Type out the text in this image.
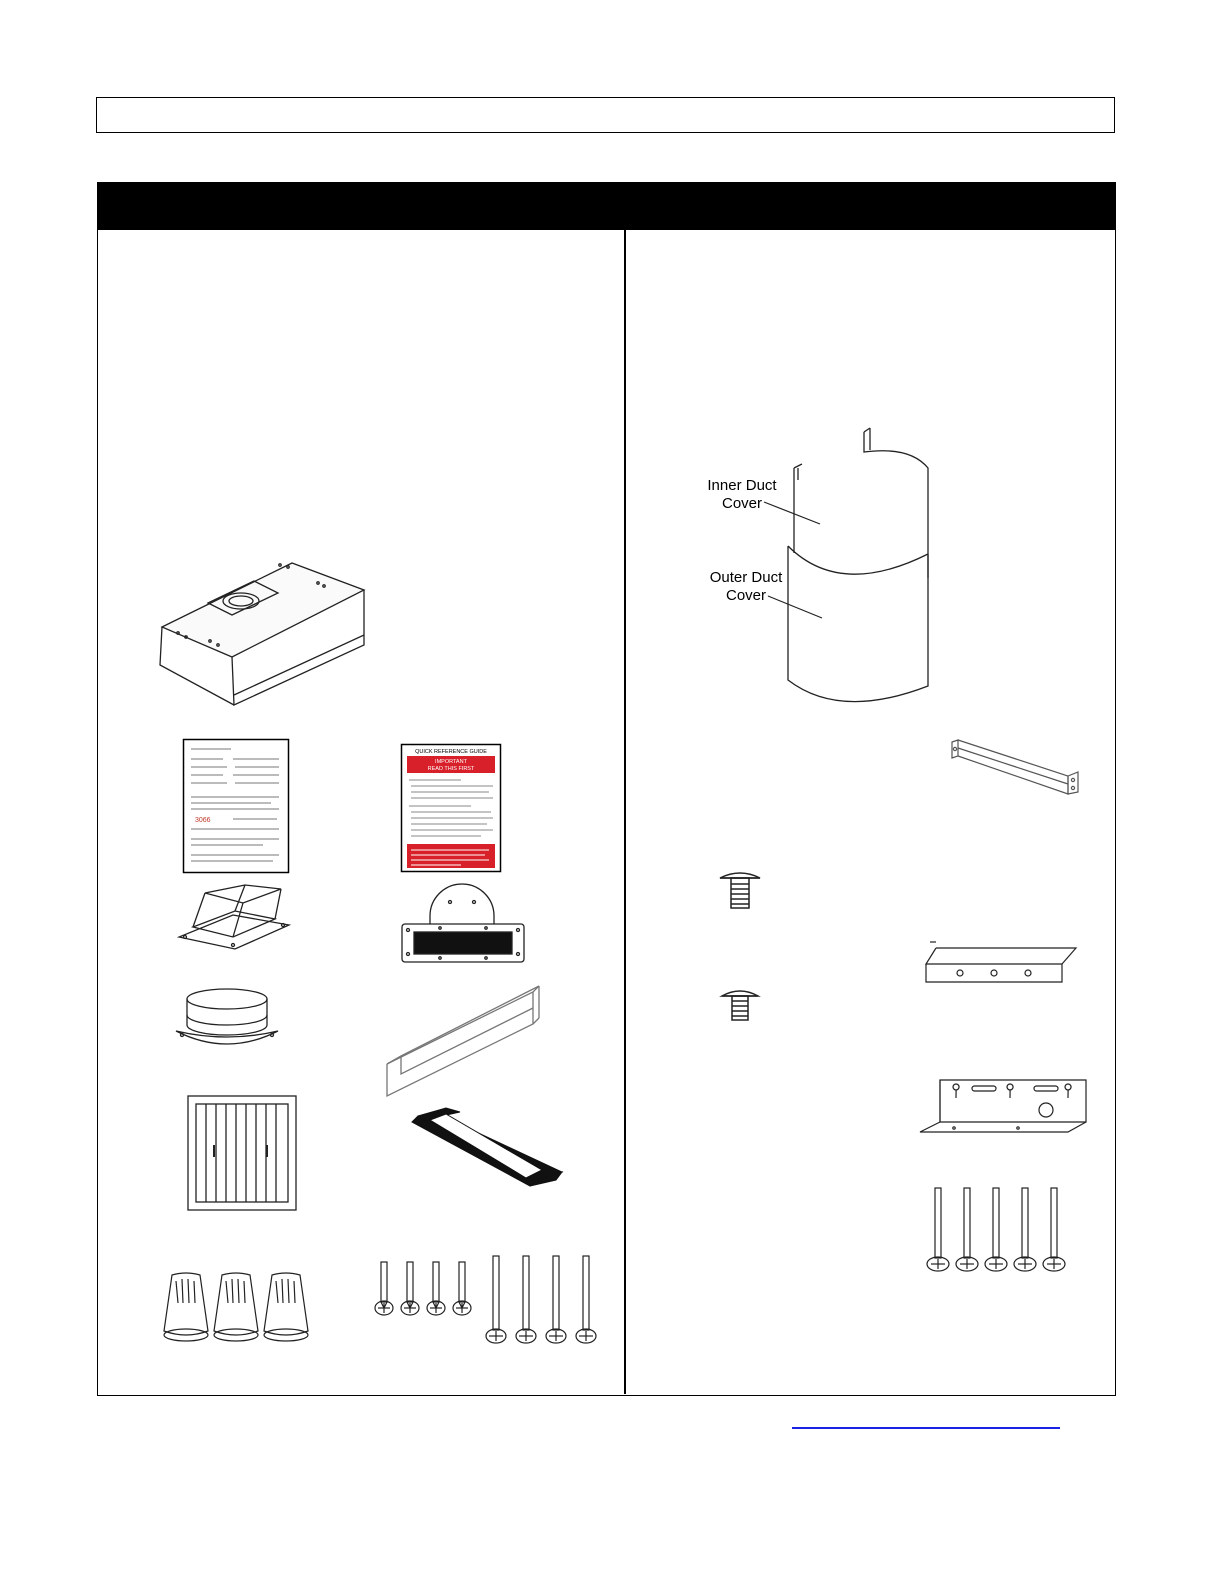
3066
QUICK REFERENCE GUIDE
IMPORTANT
READ THIS FIRST
Inner Duct
Cover
Outer Duct
Cover
